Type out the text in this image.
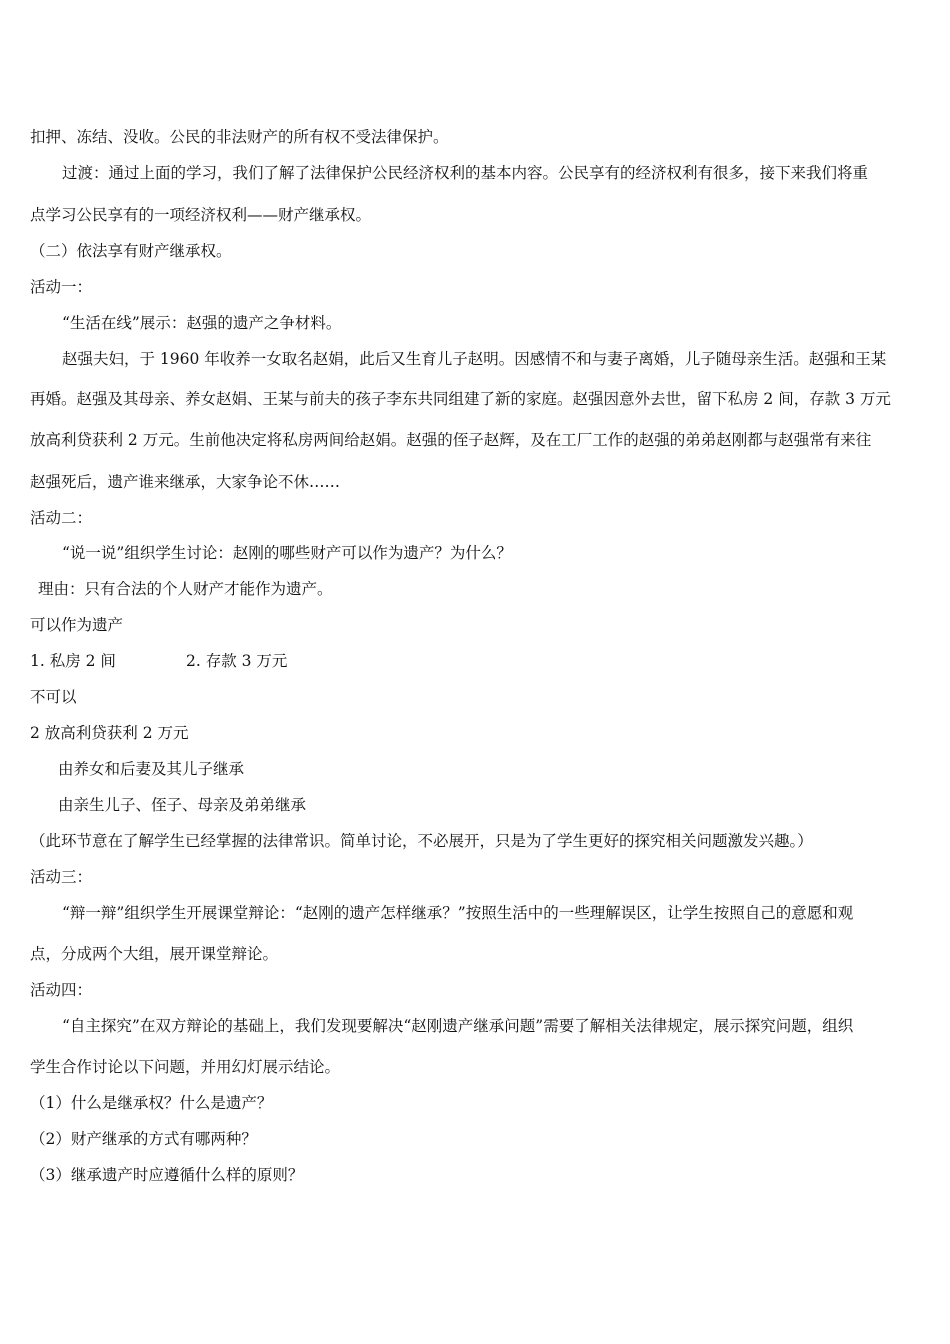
扣押、冻结、没收。公民的非法财产的所有权不受法律保护。
过渡：通过上面的学习，我们了解了法律保护公民经济权利的基本内容。公民享有的经济权利有很多，接下来我们将重
点学习公民享有的一项经济权利——财产继承权。
（二）依法享有财产继承权。
活动一：
“生活在线”展示：赵强的遗产之争材料。
赵强夫妇，于 1960 年收养一女取名赵娟，此后又生育儿子赵明。因感情不和与妻子离婚，儿子随母亲生活。赵强和王某
再婚。赵强及其母亲、养女赵娟、王某与前夫的孩子李东共同组建了新的家庭。赵强因意外去世，留下私房 2 间，存款 3 万元
放高利贷获利 2 万元。生前他决定将私房两间给赵娟。赵强的侄子赵辉，及在工厂工作的赵强的弟弟赵刚都与赵强常有来往
赵强死后，遗产谁来继承，大家争论不休……
活动二：
“说一说”组织学生讨论：赵刚的哪些财产可以作为遗产？为什么？
理由：只有合法的个人财产才能作为遗产。
可以作为遗产
1. 私房 2 间	2. 存款 3 万元
不可以
2 放高利贷获利 2 万元
由养女和后妻及其儿子继承
由亲生儿子、侄子、母亲及弟弟继承
（此环节意在了解学生已经掌握的法律常识。简单讨论，不必展开，只是为了学生更好的探究相关问题激发兴趣。）
活动三：
“辩一辩”组织学生开展课堂辩论：“赵刚的遗产怎样继承？”按照生活中的一些理解误区，让学生按照自己的意愿和观
点，分成两个大组，展开课堂辩论。
活动四：
“自主探究”在双方辩论的基础上，我们发现要解决“赵刚遗产继承问题”需要了解相关法律规定，展示探究问题，组织
学生合作讨论以下问题，并用幻灯展示结论。
（1）什么是继承权？什么是遗产？
（2）财产继承的方式有哪两种？
（3）继承遗产时应遵循什么样的原则？
